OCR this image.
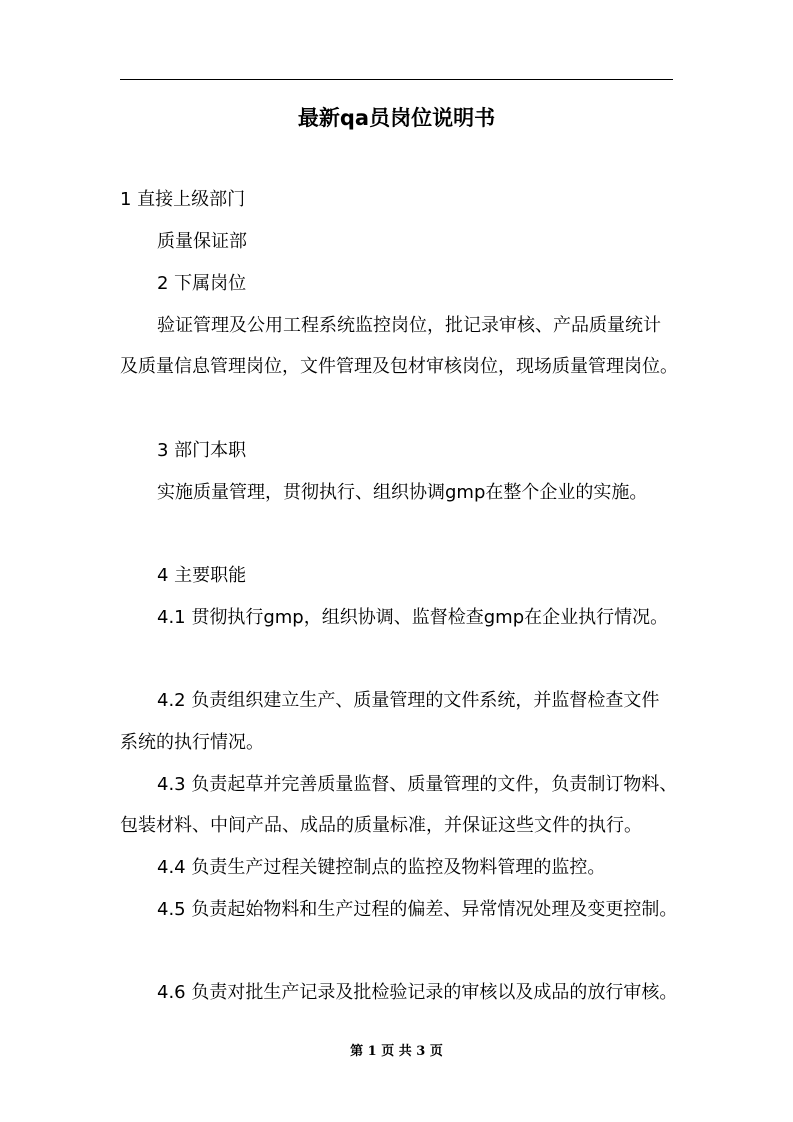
最新qa员岗位说明书
1 直接上级部门
质量保证部
2 下属岗位
验证管理及公用工程系统监控岗位，批记录审核、产品质量统计
及质量信息管理岗位，文件管理及包材审核岗位，现场质量管理岗位。
3 部门本职
实施质量管理，贯彻执行、组织协调gmp在整个企业的实施。
4 主要职能
4.1 贯彻执行gmp，组织协调、监督检查gmp在企业执行情况。
4.2 负责组织建立生产、质量管理的文件系统，并监督检查文件
系统的执行情况。
4.3 负责起草并完善质量监督、质量管理的文件，负责制订物料、
包装材料、中间产品、成品的质量标准，并保证这些文件的执行。
4.4 负责生产过程关键控制点的监控及物料管理的监控。
4.5 负责起始物料和生产过程的偏差、异常情况处理及变更控制。
4.6 负责对批生产记录及批检验记录的审核以及成品的放行审核。
第 1 页 共 3 页
